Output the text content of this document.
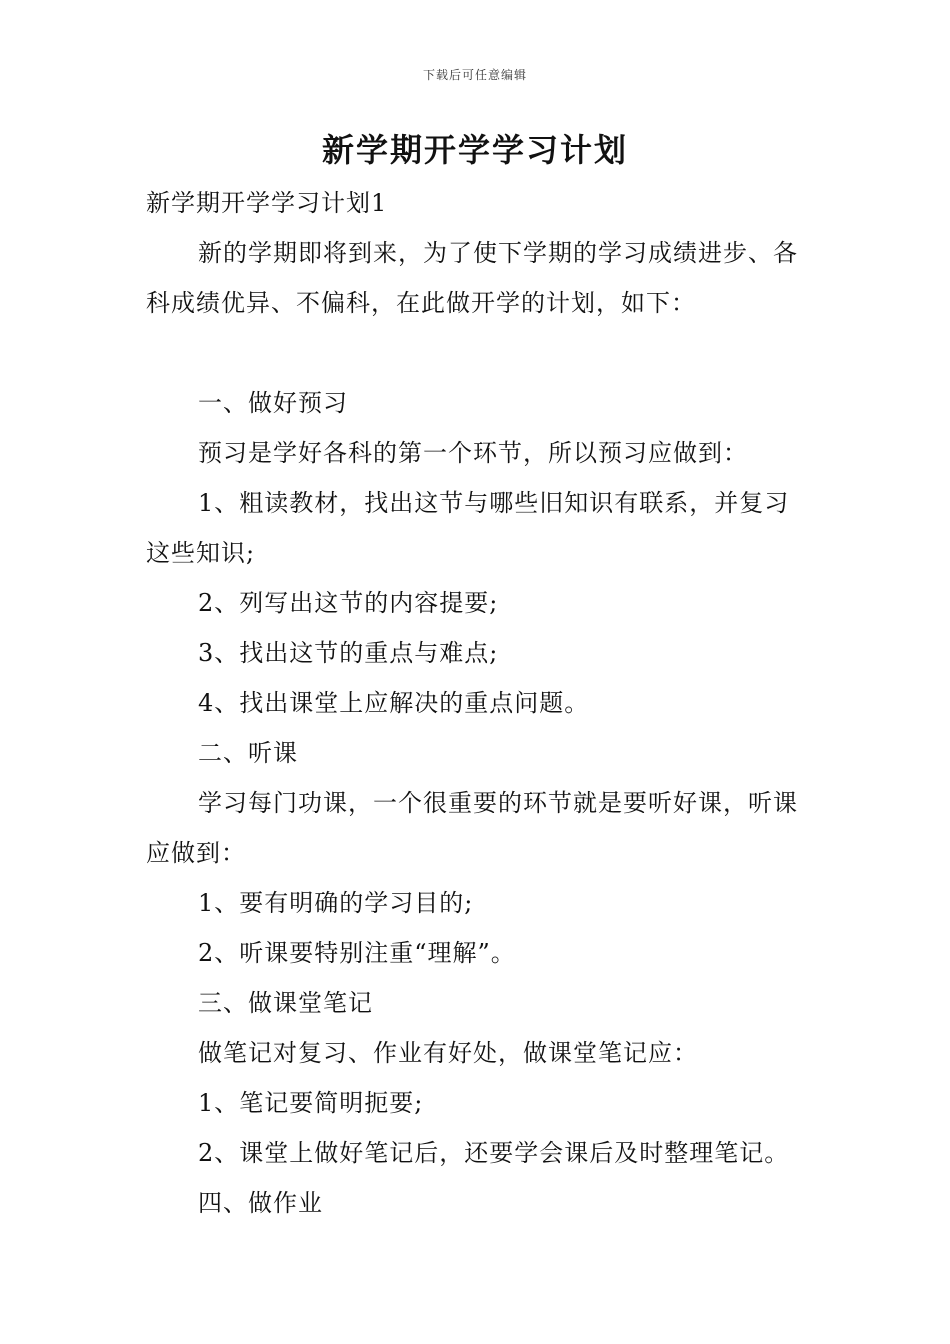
下载后可任意编辑
新学期开学学习计划

新学期开学学习计划1

新的学期即将到来，为了使下学期的学习成绩进步、各科成绩优异、不偏科，在此做开学的计划，如下：

一、做好预习

预习是学好各科的第一个环节，所以预习应做到：

1、粗读教材，找出这节与哪些旧知识有联系，并复习这些知识;

2、列写出这节的内容提要;

3、找出这节的重点与难点;

4、找出课堂上应解决的重点问题。

二、听课

学习每门功课，一个很重要的环节就是要听好课，听课应做到：

1、要有明确的学习目的;

2、听课要特别注重“理解”。

三、做课堂笔记

做笔记对复习、作业有好处，做课堂笔记应：

1、笔记要简明扼要;

2、课堂上做好笔记后，还要学会课后及时整理笔记。

四、做作业
